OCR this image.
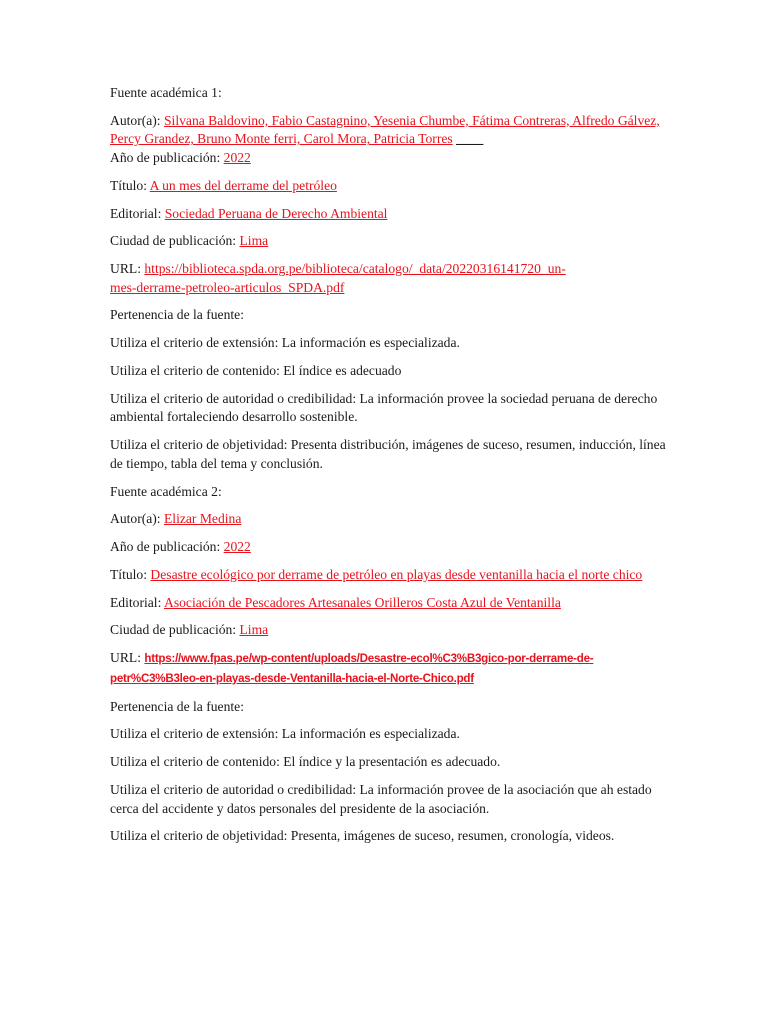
Fuente académica 1:

Autor(a): Silvana Baldovino, Fabio Castagnino, Yesenia Chumbe, Fátima Contreras, Alfredo Gálvez, Percy Grandez, Bruno Monte ferri, Carol Mora, Patricia Torres ____

Año de publicación: 2022

Título: A un mes del derrame del petróleo

Editorial: Sociedad Peruana de Derecho Ambiental

Ciudad de publicación: Lima

URL: https://biblioteca.spda.org.pe/biblioteca/catalogo/_data/20220316141720_un-
mes-derrame-petroleo-articulos_SPDA.pdf

Pertenencia de la fuente:

Utiliza el criterio de extensión: La información es especializada.

Utiliza el criterio de contenido: El índice es adecuado

Utiliza el criterio de autoridad o credibilidad: La información provee la sociedad peruana de derecho ambiental fortaleciendo desarrollo sostenible.

Utiliza el criterio de objetividad: Presenta distribución, imágenes de suceso, resumen, inducción, línea de tiempo, tabla del tema y conclusión.

Fuente académica 2:

Autor(a): Elizar Medina

Año de publicación: 2022

Título: Desastre ecológico por derrame de petróleo en playas desde ventanilla hacia el norte chico

Editorial: Asociación de Pescadores Artesanales Orilleros Costa Azul de Ventanilla

Ciudad de publicación: Lima

URL: https://www.fpas.pe/wp-content/uploads/Desastre-ecol%C3%B3gico-por-derrame-de-
petr%C3%B3leo-en-playas-desde-Ventanilla-hacia-el-Norte-Chico.pdf

Pertenencia de la fuente:

Utiliza el criterio de extensión: La información es especializada.

Utiliza el criterio de contenido: El índice y la presentación es adecuado.

Utiliza el criterio de autoridad o credibilidad: La información provee de la asociación que ah estado cerca del accidente y datos personales del presidente de la asociación.

Utiliza el criterio de objetividad: Presenta, imágenes de suceso, resumen, cronología, videos.
